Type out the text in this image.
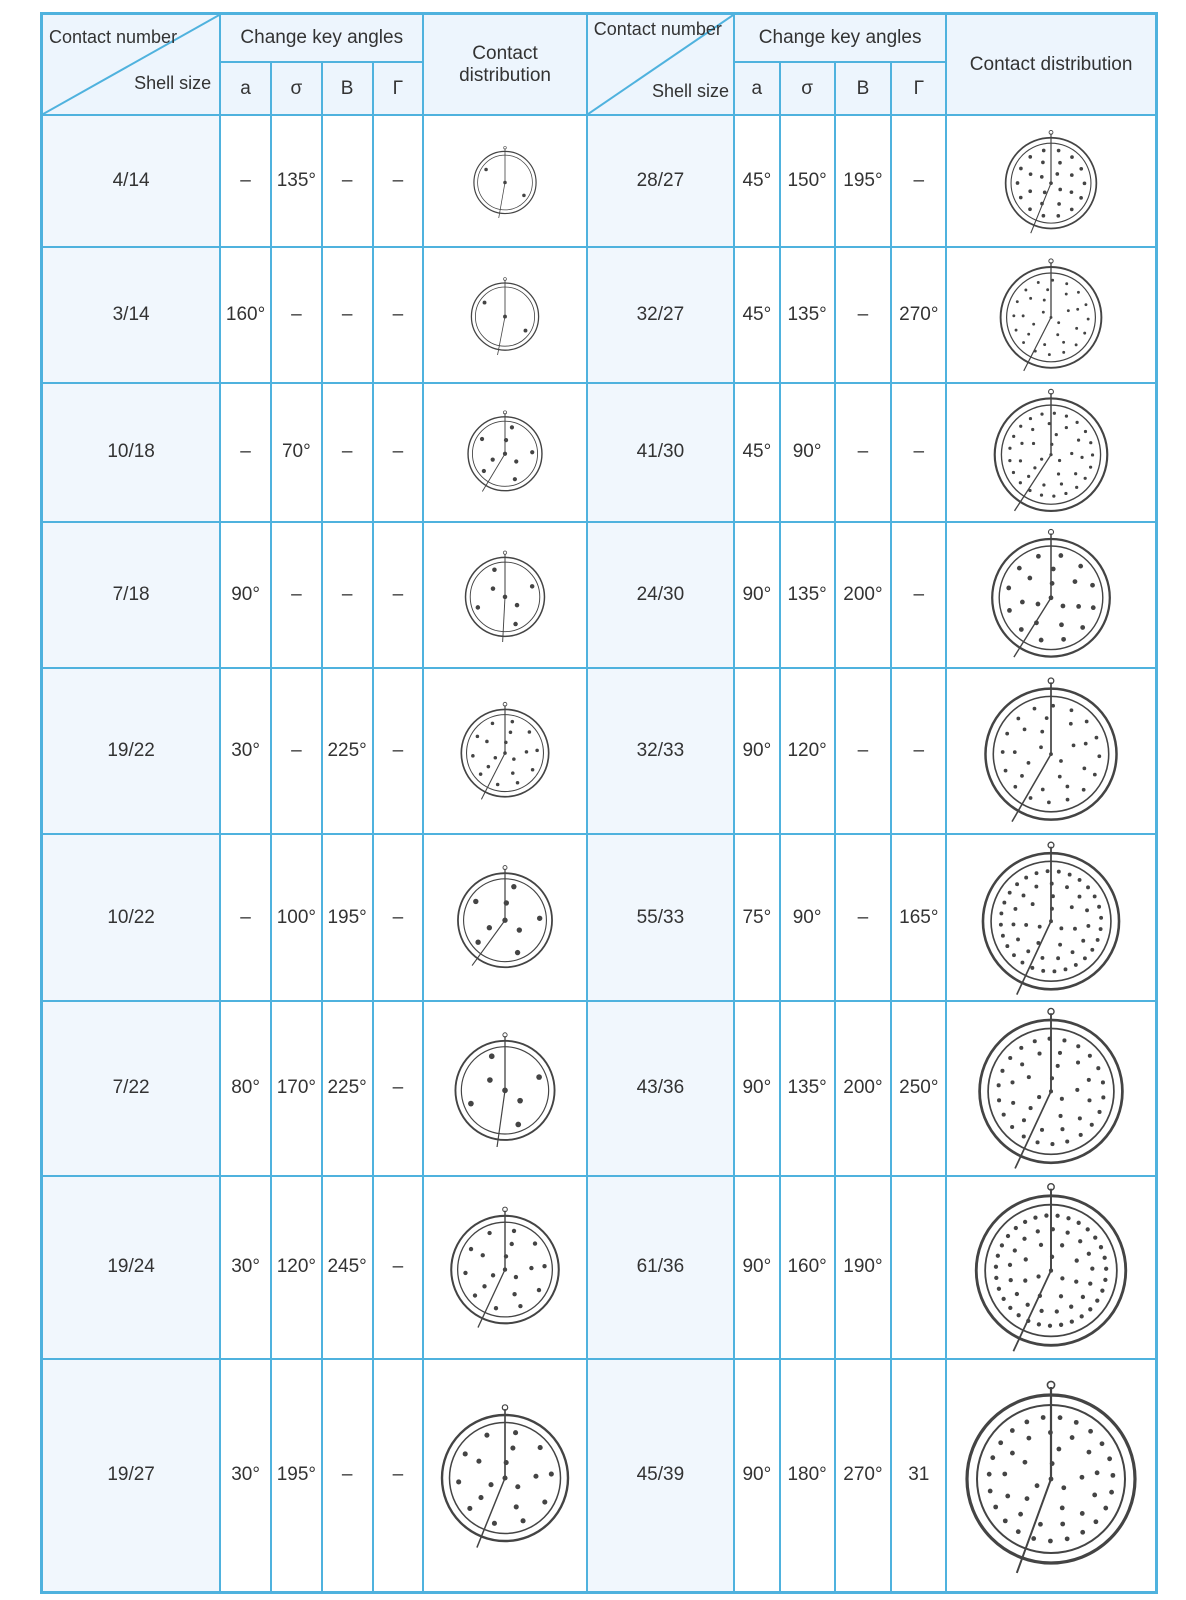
Contact number
Shell size	Change key angles				Contact distribution	Contact number
Shell size	Change key angles				Contact distribution
	a	σ	B	Γ			a	σ	B	Γ	
4/14	–	135°	–	–		28/27	45°	150°	195°	–	

3/14	160°	–	–	–		32/27	45°	135°	–	270°	

10/18	–	70°	–	–		41/30	45°	90°	–	–	

7/18	90°	–	–	–		24/30	90°	135°	200°	–	

19/22	30°	–	225°	–		32/33	90°	120°	–	–	

10/22	–	100°	195°	–		55/33	75°	90°	–	165°	

7/22	80°	170°	225°	–		43/36	90°	135°	200°	250°	

19/24	30°	120°	245°	–		61/36	90°	160°	190°		

19/27	30°	195°	–	–		45/39	90°	180°	270°	31	
